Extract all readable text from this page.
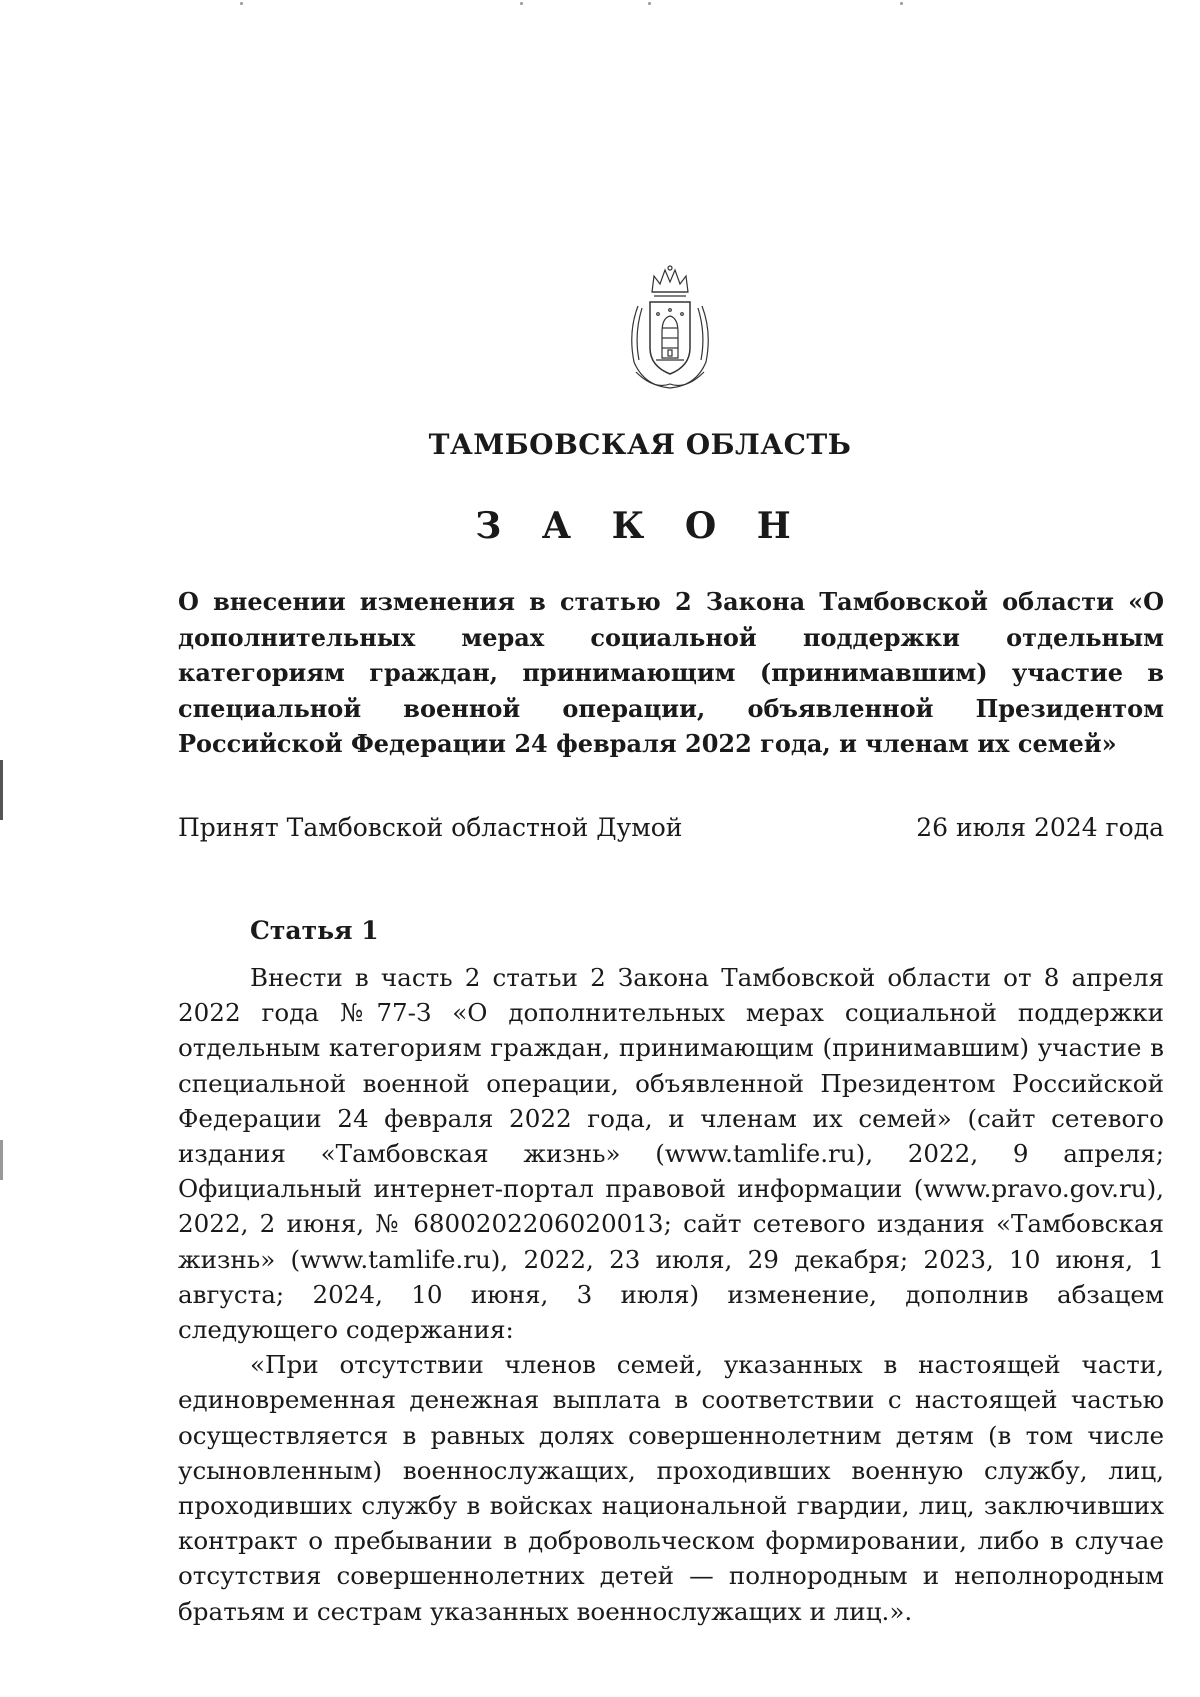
ТАМБОВСКАЯ ОБЛАСТЬ
З А К О Н
О внесении изменения в статью 2 Закона Тамбовской области «О дополнительных мерах социальной поддержки отдельным категориям граждан, принимающим (принимавшим) участие в специальной военной операции, объявленной Президентом Российской Федерации 24 февраля 2022 года, и членам их семей»
Принят Тамбовской областной Думой	26 июля 2024 года
Статья 1

Внести в часть 2 статьи 2 Закона Тамбовской области от 8 апреля 2022 года №77-З «О дополнительных мерах социальной поддержки отдельным категориям граждан, принимающим (принимавшим) участие в специальной военной операции, объявленной Президентом Российской Федерации 24 февраля 2022 года, и членам их семей» (сайт сетевого издания «Тамбовская жизнь» (www.tamlife.ru), 2022, 9 апреля; Официальный интернет-портал правовой информации (www.pravo.gov.ru), 2022, 2 июня, № 6800202206020013; сайт сетевого издания «Тамбовская жизнь» (www.tamlife.ru), 2022, 23 июля, 29 декабря; 2023, 10 июня, 1 августа; 2024, 10 июня, 3 июля) изменение, дополнив абзацем следующего содержания:

«При отсутствии членов семей, указанных в настоящей части, единовременная денежная выплата в соответствии с настоящей частью осуществляется в равных долях совершеннолетним детям (в том числе усыновленным) военнослужащих, проходивших военную службу, лиц, проходивших службу в войсках национальной гвардии, лиц, заключивших контракт о пребывании в добровольческом формировании, либо в случае отсутствия совершеннолетних детей — полнородным и неполнородным братьям и сестрам указанных военнослужащих и лиц.».
